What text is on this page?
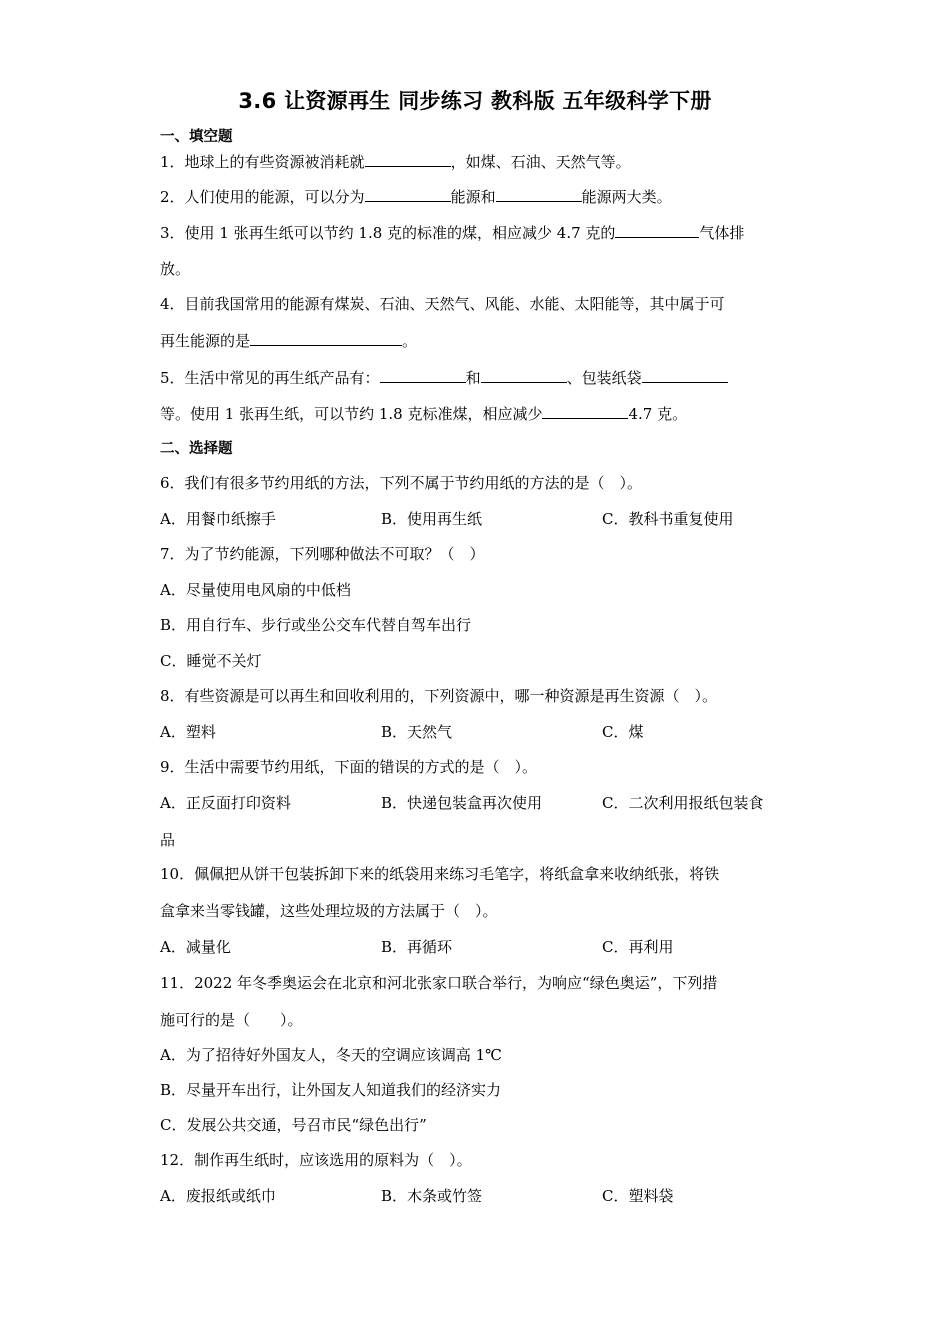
3.6 让资源再生 同步练习 教科版 五年级科学下册
一、填空题
1．地球上的有些资源被消耗就	，如煤、石油、天然气等。
2．人们使用的能源，可以分为	能源和	能源两大类。
3．使用 1 张再生纸可以节约 1.8 克的标准的煤，相应减少 4.7 克的	气体排
放。
4．目前我国常用的能源有煤炭、石油、天然气、风能、水能、太阳能等，其中属于可
再生能源的是	。
5．生活中常见的再生纸产品有：	和	、包装纸袋
等。使用 1 张再生纸，可以节约 1.8 克标准煤，相应减少	4.7 克。
二、选择题
6．我们有很多节约用纸的方法，下列不属于节约用纸的方法的是（　）。
A．用餐巾纸擦手	B．使用再生纸	C．教科书重复使用
7．为了节约能源，下列哪种做法不可取？（　）
A．尽量使用电风扇的中低档
B．用自行车、步行或坐公交车代替自驾车出行
C．睡觉不关灯
8．有些资源是可以再生和回收利用的，下列资源中，哪一种资源是再生资源（　）。
A．塑料	B．天然气	C．煤
9．生活中需要节约用纸，下面的错误的方式的是（　）。
A．正反面打印资料	B．快递包装盒再次使用	C．二次利用报纸包装食
品
10．佩佩把从饼干包装拆卸下来的纸袋用来练习毛笔字，将纸盒拿来收纳纸张，将铁
盒拿来当零钱罐，这些处理垃圾的方法属于（　）。
A．减量化	B．再循环	C．再利用
11．2022 年冬季奥运会在北京和河北张家口联合举行，为响应“绿色奥运”，下列措
施可行的是（　　）。
A．为了招待好外国友人，冬天的空调应该调高 1℃
B．尽量开车出行，让外国友人知道我们的经济实力
C．发展公共交通，号召市民“绿色出行”
12．制作再生纸时，应该选用的原料为（　）。
A．废报纸或纸巾	B．木条或竹签	C．塑料袋
